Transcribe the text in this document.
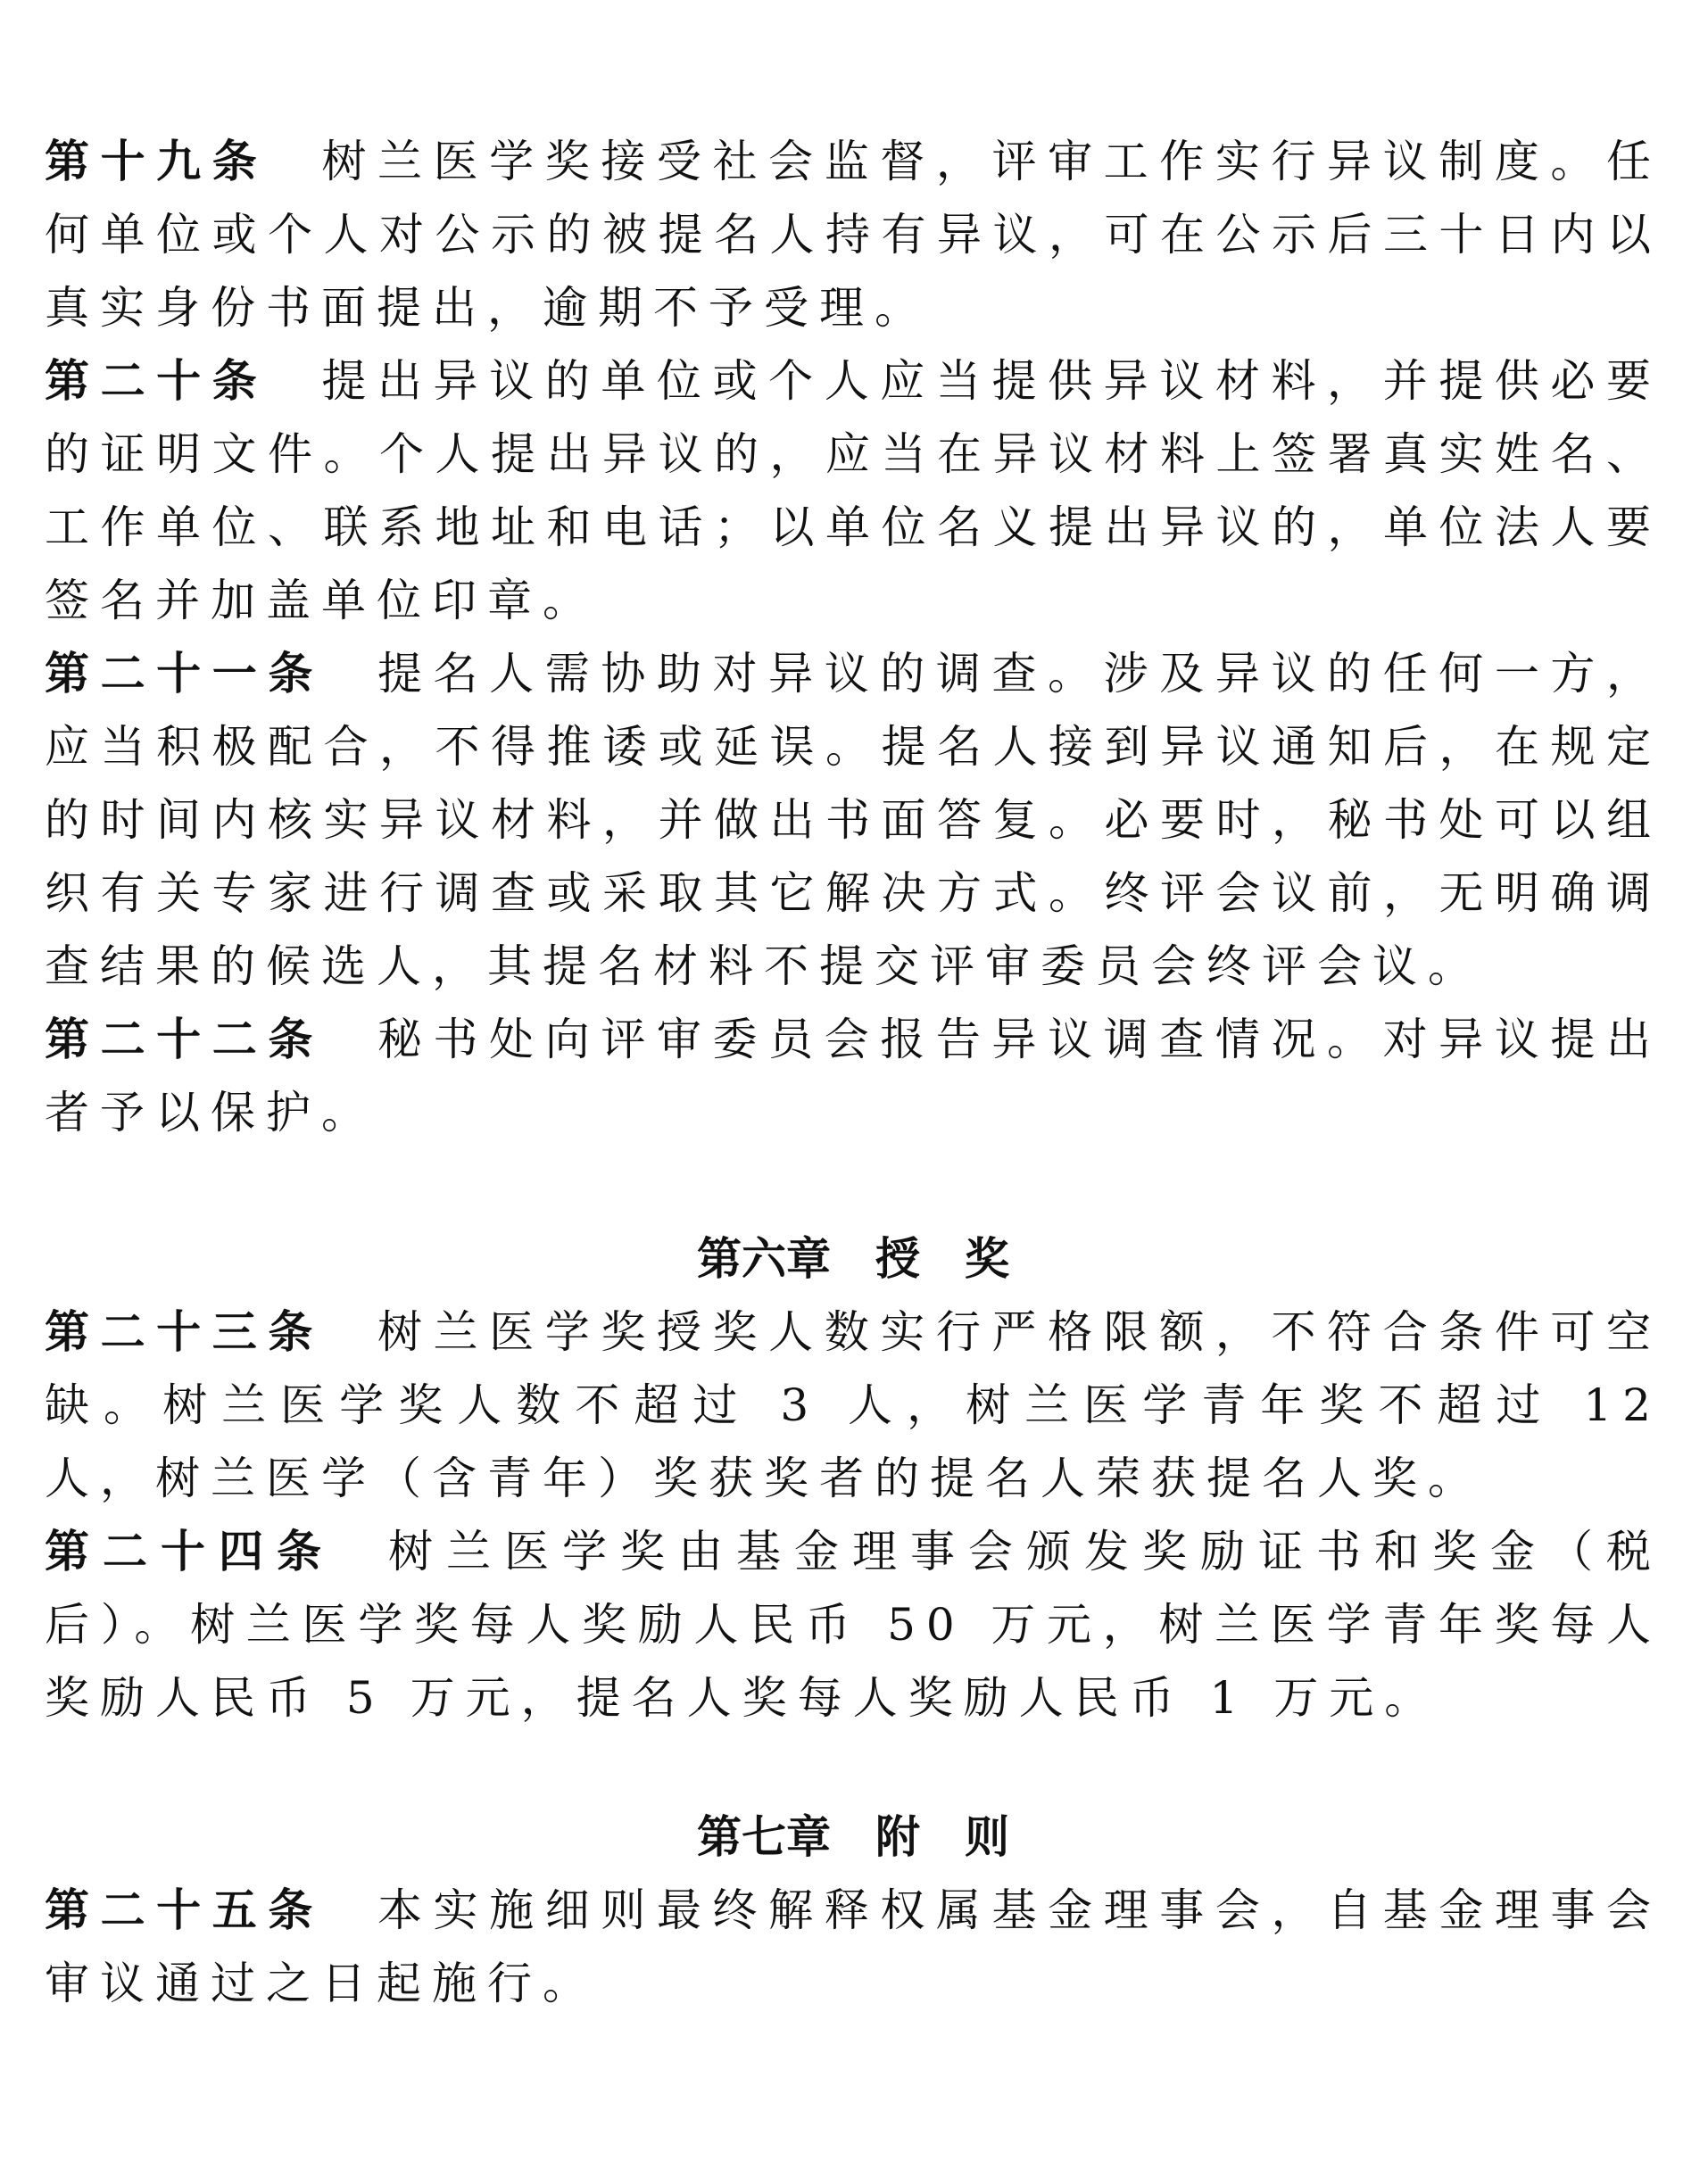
第十九条 树兰医学奖接受社会监督，评审工作实行异议制度。任何单位或个人对公示的被提名人持有异议，可在公示后三十日内以真实身份书面提出，逾期不予受理。

第二十条 提出异议的单位或个人应当提供异议材料，并提供必要的证明文件。个人提出异议的，应当在异议材料上签署真实姓名、工作单位、联系地址和电话；以单位名义提出异议的，单位法人要签名并加盖单位印章。

第二十一条 提名人需协助对异议的调查。涉及异议的任何一方，应当积极配合，不得推诿或延误。提名人接到异议通知后，在规定的时间内核实异议材料，并做出书面答复。必要时，秘书处可以组织有关专家进行调查或采取其它解决方式。终评会议前，无明确调查结果的候选人，其提名材料不提交评审委员会终评会议。

第二十二条 秘书处向评审委员会报告异议调查情况。对异议提出者予以保护。

第六章　授　奖

第二十三条 树兰医学奖授奖人数实行严格限额，不符合条件可空缺。树兰医学奖人数不超过 3 人，树兰医学青年奖不超过 12 人，树兰医学（含青年）奖获奖者的提名人荣获提名人奖。

第二十四条 树兰医学奖由基金理事会颁发奖励证书和奖金（税后）。树兰医学奖每人奖励人民币 50 万元，树兰医学青年奖每人奖励人民币 5 万元，提名人奖每人奖励人民币 1 万元。

第七章　附　则

第二十五条 本实施细则最终解释权属基金理事会，自基金理事会审议通过之日起施行。
